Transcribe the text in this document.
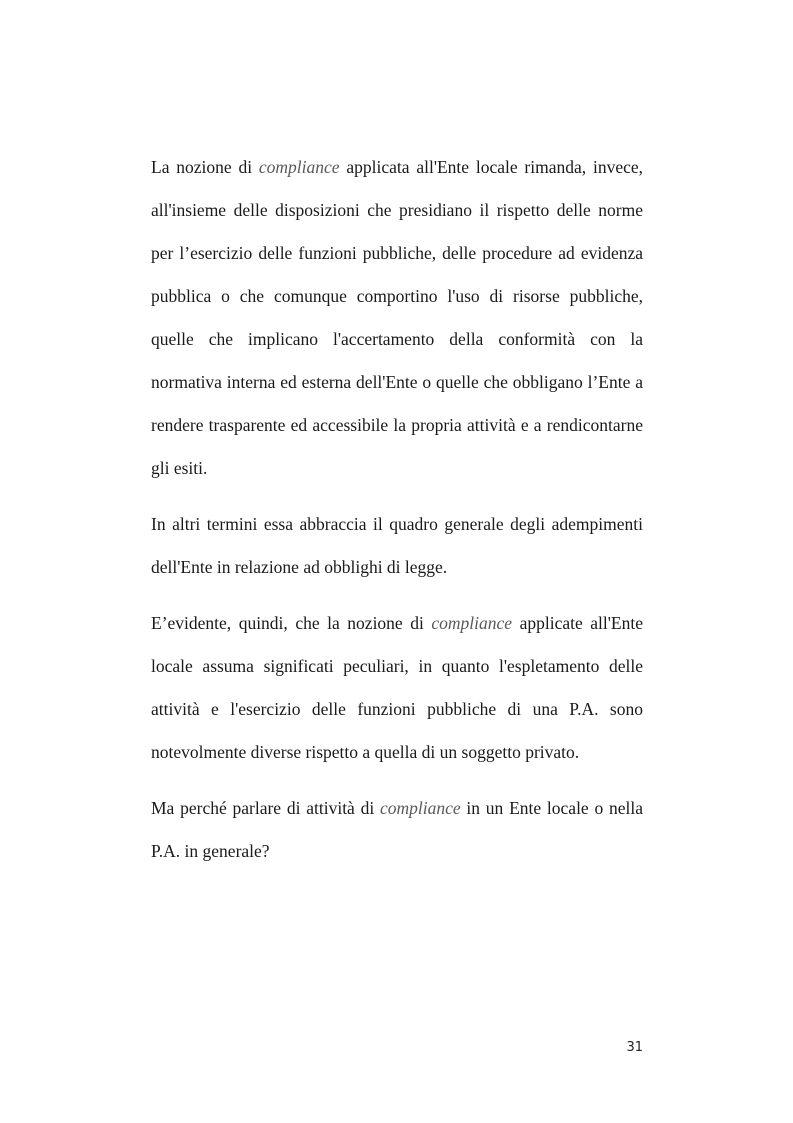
La nozione di compliance applicata all'Ente locale rimanda, invece, all'insieme delle disposizioni che presidiano il rispetto delle norme per l’esercizio delle funzioni pubbliche, delle procedure ad evidenza pubblica o che comunque comportino l'uso di risorse pubbliche, quelle che implicano l'accertamento della conformità con la normativa interna ed esterna dell'Ente o quelle che obbligano l’Ente a rendere trasparente ed accessibile la propria attività e a rendicontarne gli esiti.

In altri termini essa abbraccia il quadro generale degli adempimenti dell'Ente in relazione ad obblighi di legge.

E’evidente, quindi, che la nozione di compliance applicate all'Ente locale assuma significati peculiari, in quanto l'espletamento delle attività e l'esercizio delle funzioni pubbliche di una P.A. sono notevolmente diverse rispetto a quella di un soggetto privato.

Ma perché parlare di attività di compliance in un Ente locale o nella P.A. in generale?

31
